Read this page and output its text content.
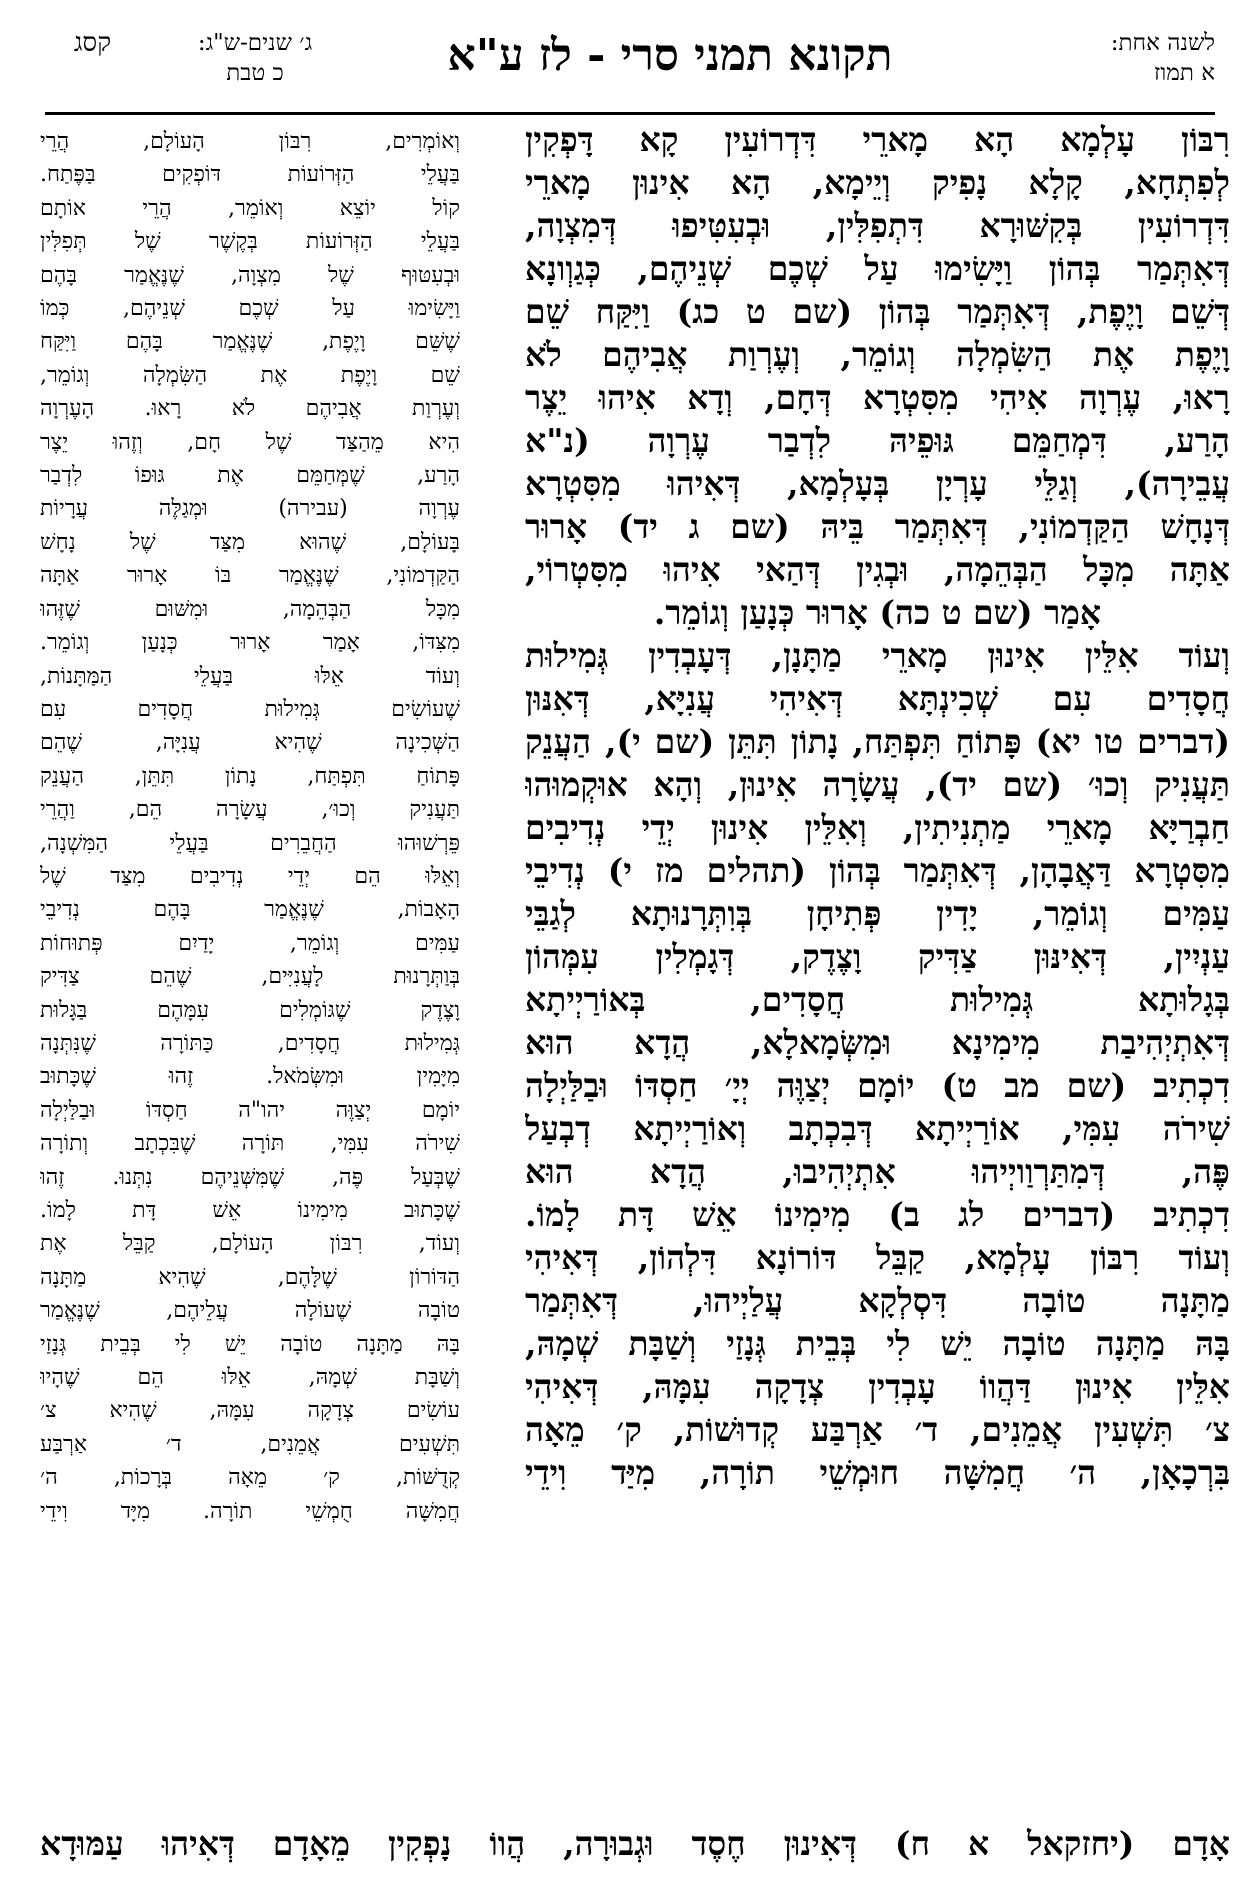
לשנה אחת:
א תמוז
תקונא תמני סרי - לז ע"א
ג׳ שנים-ש"ג:
כ טבת
קסג
רִבּוֹן עָלְמָא הָא מָארֵי דִּדְרוֹעִין קָא דָּפְקִין
לְפִתְחָא, קָלָא נָפִיק וְיֵימָא, הָא אִינוּן מָארֵי
דִּדְרוֹעִין בְּקִשּׁוּרָא דִּתְפִלִּין, וּבְעִטִּיפוּ דְּמִצְוָה,
דְּאִתְּמַר בְּהוֹן וַיָּשִׂימוּ עַל שְׁכֶם שְׁנֵיהֶם, כְּגַוְונָא
דְּשֵׁם וָיֶפֶת, דְּאִתְּמַר בְּהוֹן (שם ט כג) וַיִּקַּח שֵׁם
וָיֶפֶת אֶת הַשִּׂמְלָה וְגוֹמֵר, וְעֶרְוַת אֲבִיהֶם לֹא
רָאוּ, עֶרְוָה אִיהִי מִסִּטְרָא דְּחָם, וְדָא אִיהוּ יֵצֶר
הָרַע, דִּמְחַמֵּם גּוּפֵיהּ לִדְבַר עֶרְוָה (נ"א
עֲבֵירָה), וְגַלֵּי עָרְיָן בְּעָלְמָא, דְּאִיהוּ מִסִּטְרָא
דְּנָחָשׁ הַקַּדְמוֹנִי, דְּאִתְּמַר בֵּיהּ (שם ג יד) אָרוּר
אַתָּה מִכָּל הַבְּהֵמָה, וּבְגִין דְּהַאי אִיהוּ מִסִּטְרוֹי,
אָמַר (שם ט כה) אָרוּר כְּנָעַן וְגוֹמֵר.
וְעוֹד אִלֵּין אִינוּן מָארֵי מַתָּנָן, דְּעָבְדִין גְּמִילוּת
חֲסָדִים עִם שְׁכִינְתָּא דְּאִיהִי עֲנִיָּא, דְּאִנּוּן
(דברים טו יא) פָּתוֹחַ תִּפְתַּח, נָתוֹן תִּתֵּן (שם י), הַעֲנֵק
תַּעֲנִיק וְכוּ׳ (שם יד), עֲשָׂרָה אִינוּן, וְהָא אוּקְמוּהוּ
חַבְרַיָּא מָארֵי מַתְנִיתִין, וְאִלֵּין אִינוּן יְדֵי נְדִיבִים
מִסִּטְרָא דַּאֲבָהָן, דְּאִתְּמַר בְּהוֹן (תהלים מז י) נְדִיבֵי
עַמִּים וְגוֹמֵר, יָדִין פְּתִיחָן בְּוִתְּרָנוּתָא לְגַבֵּי
עַנְיִין, דְּאִינּוּן צַדִּיק וָצֶדֶק, דְּגָמְלִין עִמְּהוֹן
בְּגָלוּתָא גְּמִילוּת חֲסָדִים, בְּאוֹרַיְיתָא
דְּאִתְיְהִיבַת מִימִינָא וּמִשְּׂמָאלָא, הֲדָא הוּא
דִכְתִיב (שם מב ט) יוֹמָם יְצַוֶּה יְיָ׳ חַסְדּוֹ וּבַלַּיְלָה
שִׁירֹה עִמִּי, אוֹרַיְיתָא דְּבִכְתָב וְאוֹרַיְיתָא דְבְעַל
פֶּה, דְּמִתַּרְוַויְיהוּ אִתְיְהִיבוּ, הֲדָא הוּא
דִכְתִיב (דברים לג ב) מִימִינוֹ אֵשׁ דָּת לָמוֹ.
וְעוֹד רִבּוֹן עָלְמָא, קַבֵּל דּוֹרוֹנָא דִּלְהוֹן, דְּאִיהִי
מַתָּנָה טוֹבָה דִּסְלְקָא עֲלַיְיהוּ, דְּאִתְּמַר
בָּהּ מַתָּנָה טוֹבָה יֵשׁ לִי בְּבֵית גְּנָזַי וְשַׁבָּת שְׁמָהּ,
אִלֵּין אִינוּן דַּהֲווֹ עָבְדִין צְדָקָה עִמָּהּ, דְּאִיהִי
צ׳ תִּשְׁעִין אֲמֵנִים, ד׳ אַרְבַּע קְדוּשׁוֹת, ק׳ מֵאָה
בִּרְכָאָן, ה׳ חֲמִשָּׁה חוּמְשֵׁי תוֹרָה, מִיַּד וִידֵי
וְאוֹמְרִים, רִבּוֹן הָעוֹלָם, הֲרֵי
בַּעֲלֵי הַזְּרוֹעוֹת דּוֹפְקִים בַּפֶּתַח.
קוֹל יוֹצֵא וְאוֹמֵר, הֲרֵי אוֹתָם
בַּעֲלֵי הַזְּרוֹעוֹת בְּקֶשֶׁר שֶׁל תְּפִלִּין
וּבְעִטּוּף שֶׁל מִצְוָה, שֶׁנֶּאֱמַר בָּהֶם
וַיָּשִׂימוּ עַל שְׁכֶם שְׁנֵיהֶם, כְּמוֹ
שֶׁשֵּׁם וָיֶפֶת, שֶׁנֶּאֱמַר בָּהֶם וַיִּקַּח
שֵׁם וָיֶפֶת אֶת הַשִּׂמְלָה וְגוֹמֵר,
וְעֶרְוַת אֲבִיהֶם לֹא רָאוּ. הָעֶרְוָה
הִיא מֵהַצַּד שֶׁל חָם, וְזֶהוּ יֵצֶר
הָרַע, שֶׁמְּחַמֵּם אֶת גּוּפוֹ לִדְבַר
עֶרְוָה (עבירה) וּמְגַלֶּה עֲרָיוֹת
בָּעוֹלָם, שֶׁהוּא מִצַּד שֶׁל נָחָשׁ
הַקַּדְמוֹנִי, שֶׁנֶּאֱמַר בּוֹ אָרוּר אַתָּה
מִכָּל הַבְּהֵמָה, וּמִשּׁוּם שֶׁזֶּהוּ
מִצִּדּוֹ, אָמַר אָרוּר כְּנָעַן וְגוֹמֵר.
וְעוֹד אֵלּוּ בַּעֲלֵי הַמַּתָּנוֹת,
שֶׁעוֹשִׂים גְּמִילוּת חֲסָדִים עִם
הַשְּׁכִינָה שֶׁהִיא עֲנִיָּה, שֶׁהֵם
פָּתוֹחַ תִּפְתַּח, נָתוֹן תִּתֵּן, הַעֲנֵק
תַּעֲנִיק וְכוּ׳, עֲשָׂרָה הֵם, וַהֲרֵי
פֵּרְשׁוּהוּ הַחֲבֵרִים בַּעֲלֵי הַמִּשְׁנָה,
וְאֵלּוּ הֵם יְדֵי נְדִיבִים מִצַּד שֶׁל
הָאָבוֹת, שֶׁנֶּאֱמַר בָּהֶם נְדִיבֵי
עַמִּים וְגוֹמֵר, יָדַיִם פְּתוּחוֹת
בְּוַתְּרָנוּת לָעֲנִיִּים, שֶׁהֵם צַדִּיק
וָצֶדֶק שֶׁגּוֹמְלִים עִמָּהֶם בַּגָּלוּת
גְּמִילוּת חֲסָדִים, כַּתּוֹרָה שֶׁנִּתְּנָה
מִיָּמִין וּמִשְּׂמֹאל. זֶהוּ שֶׁכָּתוּב
יוֹמָם יְצַוֶּה יהו"ה חַסְדּוֹ וּבַלַּיְלָה
שִׁירֹה עִמִּי, תּוֹרָה שֶׁבִּכְתָב וְתוֹרָה
שֶׁבְּעַל פֶּה, שֶׁמִּשְּׁנֵיהֶם נִתְּנוּ. זֶהוּ
שֶׁכָּתוּב מִימִינוֹ אֵשׁ דָּת לָמוֹ.
וְעוֹד, רִבּוֹן הָעוֹלָם, קַבֵּל אֶת
הַדּוֹרוֹן שֶׁלָּהֶם, שֶׁהִיא מַתָּנָה
טוֹבָה שֶׁעוֹלָה עֲלֵיהֶם, שֶׁנֶּאֱמַר
בָּהּ מַתָּנָה טוֹבָה יֵשׁ לִי בְּבֵית גְּנָזַי
וְשַׁבָּת שְׁמָהּ, אֵלּוּ הֵם שֶׁהָיוּ
עוֹשִׂים צְדָקָה עִמָּהּ, שֶׁהִיא צ׳
תִּשְׁעִים אֲמֵנִים, ד׳ אַרְבַּע
קְדֻשּׁוֹת, ק׳ מֵאָה בְּרָכוֹת, ה׳
חֲמִשָּׁה חֻמְשֵׁי תוֹרָה. מִיָּד וִידֵי
אָדָם (יחזקאל א ח) דְּאִינוּן חֶסֶד וּגְבוּרָה, הֲווֹ נָפְקִין מֵאָדָם דְּאִיהוּ עַמּוּדָא
